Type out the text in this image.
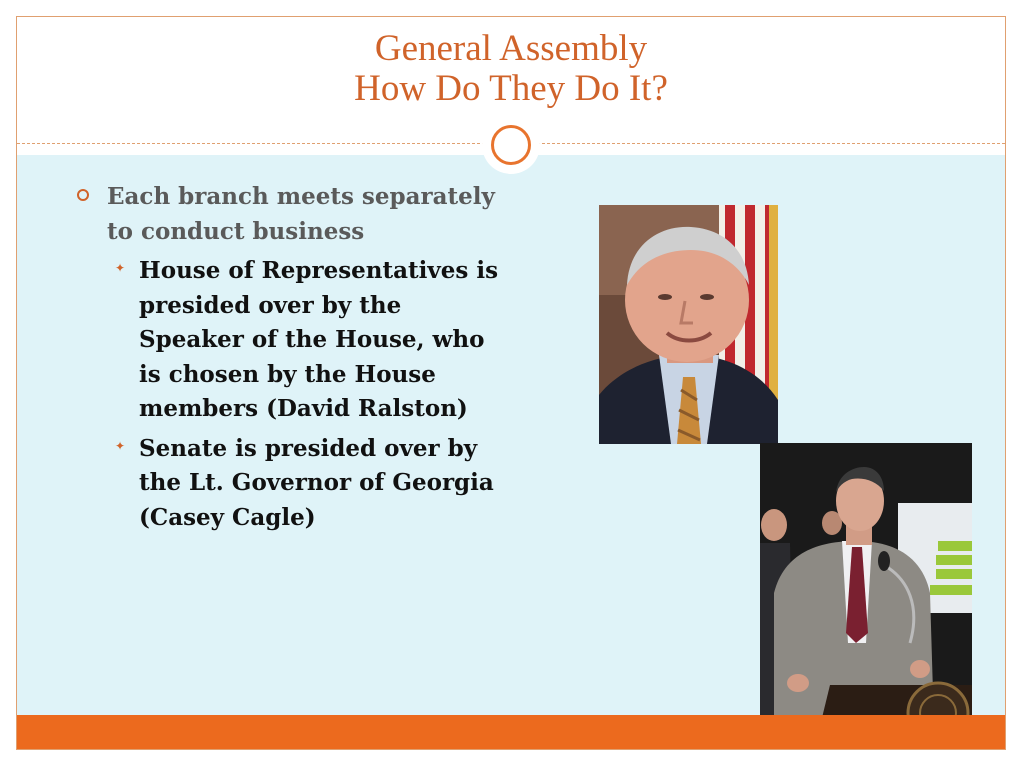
General Assembly
How Do They Do It?
Each branch meets separately to conduct business
✦ House of Representatives is presided over by the Speaker of the House, who is chosen by the House members (David Ralston)
✦ Senate is presided over by the Lt. Governor of Georgia (Casey Cagle)
